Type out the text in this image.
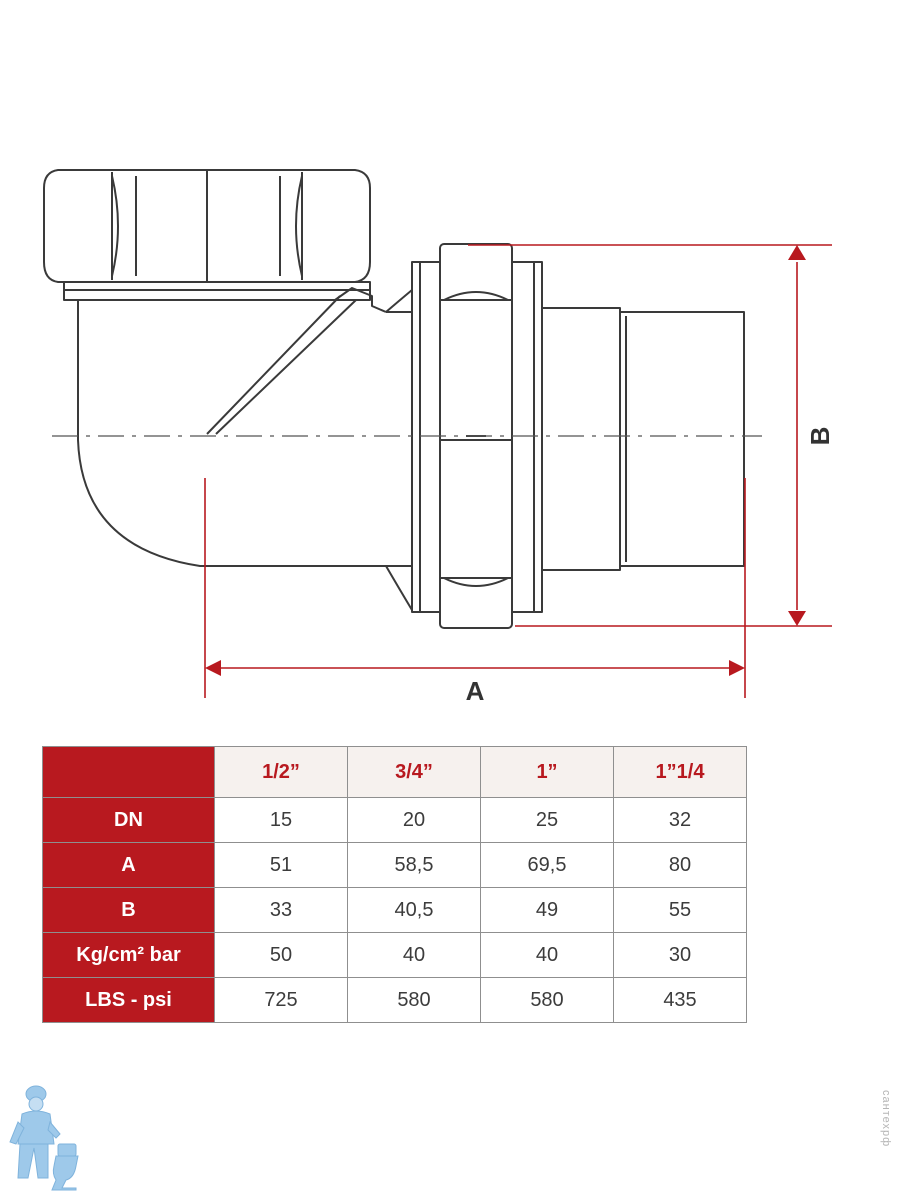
A
B
	1/2”	3/4”	1”	1”1/4
DN	15	20	25	32
A	51	58,5	69,5	80
B	33	40,5	49	55
Kg/cm² bar	50	40	40	30
LBS - psi	725	580	580	435
сантехрф
